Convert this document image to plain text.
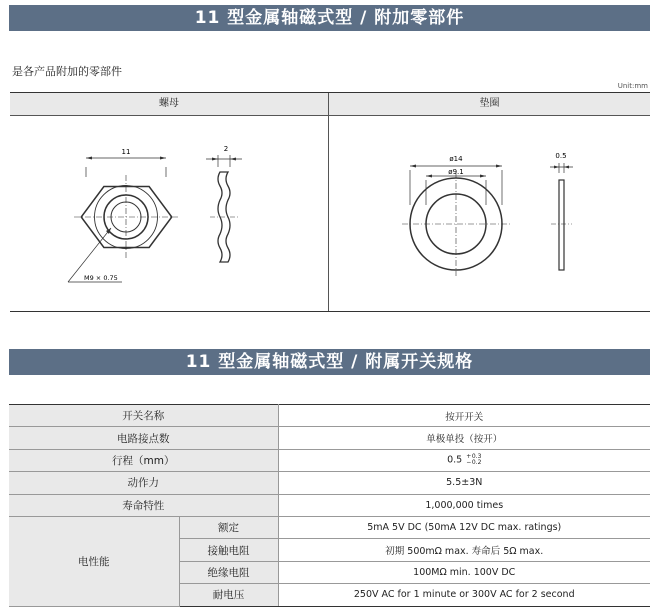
11 型金属轴磁式型 / 附加零部件
是各产品附加的零部件
Unit:mm
螺母	垫圈
11
M9 × 0.75
2
ø14
ø9.1
0.5
11 型金属轴磁式型 / 附属开关规格
开关名称		按开开关
电路接点数		单极单投（按开）
行程（mm）		0.5 + 0.3
− 0.2
动作力		5.5±3N
寿命特性		1,000,000 times
电性能	额定	5mA 5V DC (50mA 12V DC max. ratings)
	接触电阻	初期 500mΩ max. 寿命后 5Ω max.
	绝缘电阻	100MΩ min. 100V DC
	耐电压	250V AC for 1 minute or 300V AC for 2 second
